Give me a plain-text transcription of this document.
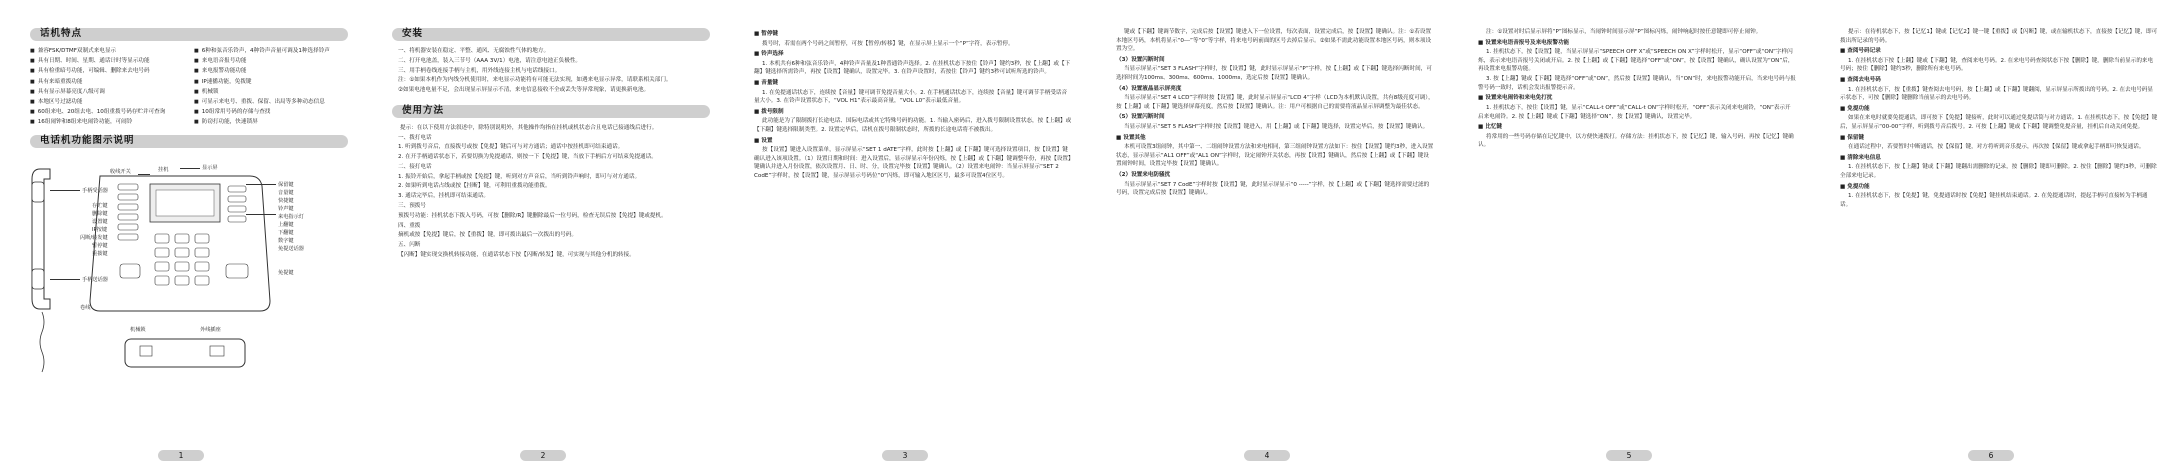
话机特点
■ 兼容FSK/DTMF双制式来电显示
■ 具有日期、时间、星期、通话计时等显示功能
■ 具有检重暗号功能，可编辑、删除来去电号码
■ 具有来暗重拨功能
■ 具有显示屏幕亮度八级可调
■ 本地区号过滤功能
■ 60组来电、20组去电、10组重拨号码存贮并可查询
■ 16组闹钟和8组来电闹铃功能，可闹铃
■ 6种和弦音乐铃声，4种铃声音量可调及1种选择铃声
■ 来电语音报号功能
■ 来电报警功能功能
■ IP速播功能，免拨键
■ 机械锁
■ 可显示来电号、重拨、保留、出局等多种动态信息
■ 10组常用号码的存储与查找
■ 防窃打功能，快速锁屏
电话机功能图示说明
手柄受话器
手柄送话器
收线开关	挂机	显示屏
存贮键
删除键
设置键
IP按键
闪断/转发键
暂停键
重拨键
卷线
保留键
音量键
快捷键
铃声键
来电指示灯
上翻键
下翻键
数字键
免提送话器
免提键
机械锁	外线插座
1
安装
一、将机器安装在稳定、平整、通风、无腐蚀性气体的地方。
二、打开电池盖，装入三节号（AAA 3V/1）电池，请注意电池正负极性。
三、用手柄卷线连接手柄与主机，用外线连接主机与电话线接口。
注：①如果本机作为内线分机使用时，来电显示功能将有可能无法实现，如遇来电显示异常，请联系相关部门。
②如果电池电量不足，会出现显示屏显示不清，来电信息接收不全或丢失等异常现象，请更换新电池。
使用方法
提示：在以下使用方法叙述中，除特别说明外，其他操作均指在挂机或机状态合且电话已接通线后进行。
一、拨打电话
1. 听到拨号音后，直接拨号或按【免提】键后可与对方通话；通话中按挂机即可结束通话。
2. 在开手柄通话状态下，若要切换为免提通话，则按一下【免提】键，当放下手柄后方可结束免提通话。
二、接打电话
1. 振铃开始后，拿起手柄或按【免提】键，听到对方声音后，当听到铃声响时，即可与对方通话。
2. 如果听到电话占线或按【挂断】键，可利用重拨功能重拨。
3. 通话完毕后，挂机即可结束通话。
三、预拨号
预拨号功能：挂机状态下拨入号码，可按【删除/R】键删除最后一位号码，检查无误后按【免提】键或提机。
四、重拨
摘机或按【免提】键后，按【重拨】键，即可拨出最后一次拨出的号码。
五、闪断
【闪断】键实现交换机转接功能，在通话状态下按【闪断/转发】键，可实现与其他分机的转接。
2
■ 暂停键
拨号时，若需在两个号码之间暂停，可按【暂停/转移】键，在显示屏上显示一个“P”字符，表示暂停。
■ 铃声选择
1. 本机共有6种和弦音乐铃声，4种铃声音量及1种普通铃声选择。2. 在挂机状态下按住【铃声】键约3秒，按【上翻】或【下翻】键选择所需铃声，再按【设置】键确认，设置完毕。3. 在铃声设置时，若按住【铃声】键约3秒可试听所选的铃声。
■ 音量键
1. 在免提通话状态下，连续按【音量】键可调节免提音量大小。2. 在手柄通话状态下，连续按【音量】键可调节手柄受话音量大小。3. 在铃声设置状态下，“VOL H1”表示最高音量，“VOL L0”表示最低音量。
■ 拨号限制
此功能是为了限制拨打长途电话、国际电话或其它特殊号码的功能。1. 当输入密码后，进入拨号限制设置状态，按【上翻】或【下翻】键选择限制类型。2. 设置完毕后，话机在拨号限制状态时，所拨的长途电话将不被拨出。
■ 设置
按【设置】键进入设置菜单，显示屏显示“SET 1 dATE”字样，此时按【上翻】或【下翻】键可选择设置项目，按【设置】键确认进入该项设置。（1）设置日期和时间：进入设置后，显示屏显示年份闪烁，按【上翻】或【下翻】键调整年份，再按【设置】键确认并进入月份设置，依次设置月、日、时、分，设置完毕按【设置】键确认。（2）设置来电闹钟：当显示屏显示“SET 2 CodE”字样时，按【设置】键，显示屏显示号码位“0”闪烁，即可输入地区区号，最多可设置4位区号。
3
键或【下翻】键调节数字，完成后按【设置】键进入下一位设置，每次表面，设置完成后，按【设置】键确认。注：①若设置本地区号码，本机将显示“0---”等“0”等字样，将来电号码前面的区号去掉后显示。②如果不需此功能设置本地区号码，则本项设置为空。
（3）设置闪断时间
当显示屏显示“SET 3 FLASH”字样时，按【设置】键，此时显示屏显示“P”字样，按【上翻】或【下翻】键选择闪断时间，可选择时间为100ms、300ms、600ms、1000ms，选定后按【设置】键确认。
（4）设置液晶显示屏亮度
当显示屏显示“SET 4 LCD”字样时按【设置】键，此时显示屏显示“LCD 4”字样（LCD为本机默认设置，共有8级亮度可调），按【上翻】或【下翻】键选择屏幕亮度，然后按【设置】键确认。注：用户可根据自己的需要将液晶显示屏调整为最佳状态。
（5）设置闪断时间
当显示屏显示“SET 5 FLASH”字样时按【设置】键进入，用【上翻】或【下翻】键选择，设置完毕后，按【设置】键确认。
■ 设置其他
本机可设置3组闹钟，其中第一、二组闹钟设置方法和来电相同，第三组闹钟设置方法如下：按住【设置】键约3秒，进入设置状态，显示屏显示“AL1 OFF”或“AL1 ON”字样时，设定闹钟开关状态，再按【设置】键确认，然后按【上翻】或【下翻】键设置闹钟时间，设置完毕按【设置】键确认。
（2）设置来电防骚扰
当显示屏显示“SET 7 CodE”字样时按【设置】键，此时显示屏显示“0 -----”字样，按【上翻】或【下翻】键选择需要过滤的号码，设置完成后按【设置】键确认。
4
注：①设置对时后显示屏将“P”图标显示，当闹钟时间显示屏“P”图标闪烁，闹钟响起时按任意键即可停止闹钟。
■ 设置来电语音报号及来电报警功能
1. 挂机状态下，按【设置】键，当显示屏显示“SPEECH OFF X”或“SPEECH ON X”字样时松开，显示“OFF”或“ON”字样闪烁，表示来电语音报号关闭或开启。2. 按【上翻】或【下翻】键选择“OFF”或“ON”，按【设置】键确认，确认设置为“ON”后，再设置来电报警功能。
3. 按【上翻】键或【下翻】键选择“OFF”或“ON”，然后按【设置】键确认，当“ON”时，来电报警功能开启，当来电号码与报警号码一致时，话机会发出报警提示音。
■ 设置来电闹铃和来电免打扰
1. 挂机状态下，按住【设置】键，显示“CALL-t OFF”或“CALL-t ON”字样时松开，“OFF”表示关闭来电闹铃，“ON”表示开启来电闹铃。2. 按【上翻】键或【下翻】键选择“ON”，按【设置】键确认，设置完毕。
■ 比忆键
将常用的一些号码存储在记忆键中，以方便快速拨打。存储方法：挂机状态下，按【记忆】键，输入号码，再按【记忆】键确认。
5
提示：在待机状态下，按【记忆1】键或【记忆2】键一键【重拨】或【闪断】键，或在输机状态下，直接按【记忆】键，即可拨出所记录的号码。
■ 查阅号码记录
1. 在挂机状态下按【上翻】键或【下翻】键，查阅来电号码。2. 在来电号码查阅状态下按【删除】键，删除当前显示的来电号码；按住【删除】键约3秒，删除所有来电号码。
■ 查阅去电号码
1. 在挂机状态下，按【重拨】键查阅去电号码，按【上翻】或【下翻】键翻阅，显示屏显示所拨出的号码。2. 在去电号码显示状态下，可按【删除】键删除当前显示的去电号码。
■ 免提功能
如果在来电时就要免提通话，即可按下【免提】键接听，此时可以通过免提话筒与对方通话。1. 在挂机状态下，按【免提】键后，显示屏显示“00-00”字样，听到拨号音后拨号。2. 可按【上翻】键或【下翻】键调整免提音量，挂机后自动关闭免提。
■ 保留键
在通话过程中，若要暂时中断通话，按【保留】键，对方将听到音乐提示，再次按【保留】键或拿起手柄即可恢复通话。
■ 清除来电信息
1. 在挂机状态下，按【上翻】键或【下翻】键翻出需删除的记录，按【删除】键即可删除。2. 按住【删除】键约3秒，可删除全部来电记录。
■ 免提功能
1. 在挂机状态下，按【免提】键，免提通话时按【免提】键挂机结束通话。2. 在免提通话时，提起手柄可直接转为手柄通话。
6
